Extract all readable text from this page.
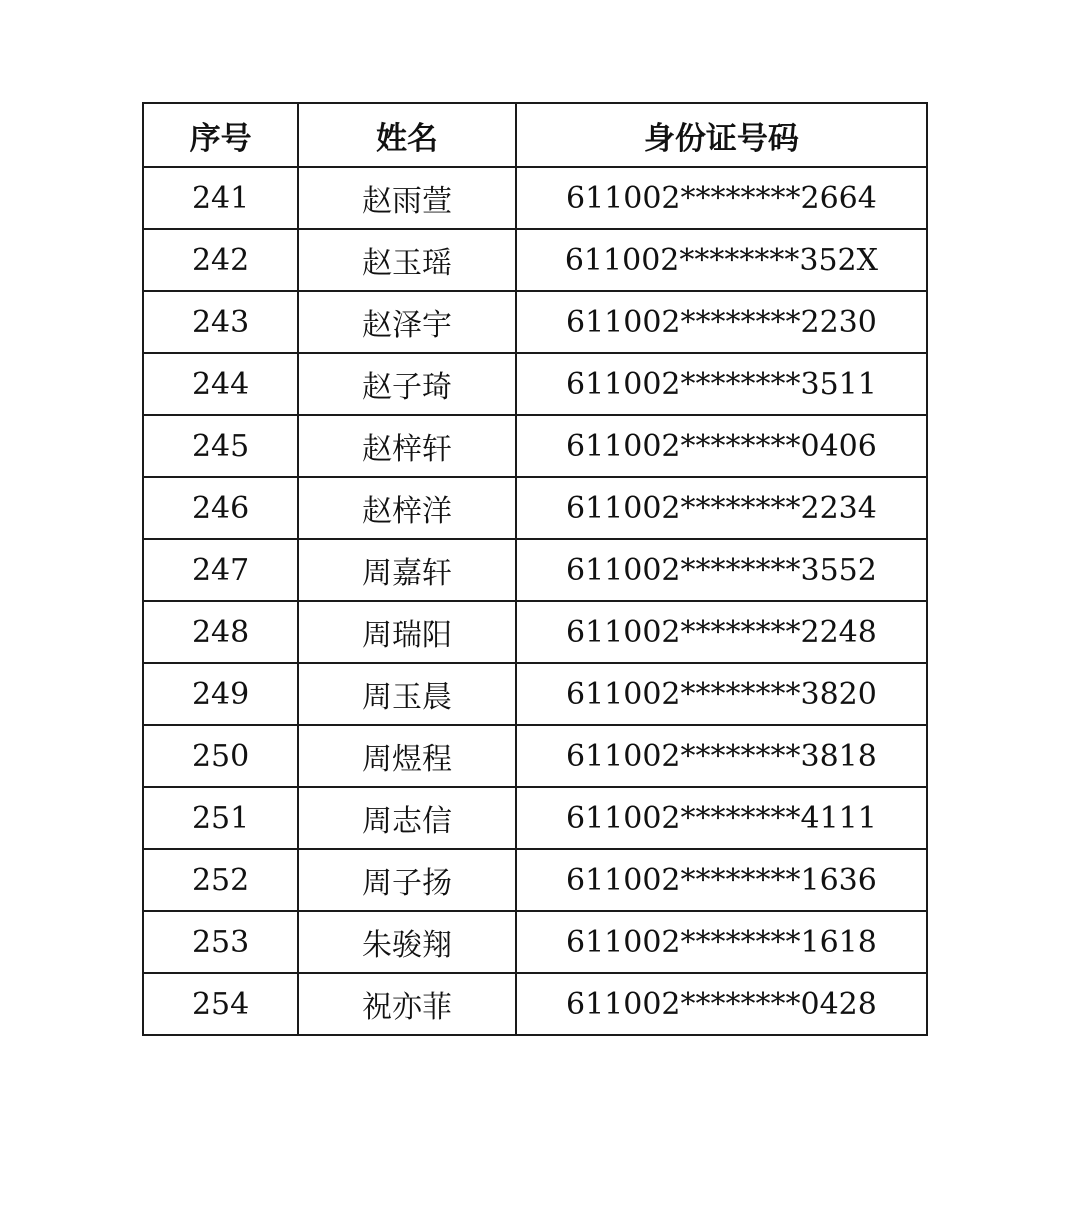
序号	姓名	身份证号码
241	赵雨萱	611002********2664
242	赵玉瑶	611002********352X
243	赵泽宇	611002********2230
244	赵子琦	611002********3511
245	赵梓轩	611002********0406
246	赵梓洋	611002********2234
247	周嘉轩	611002********3552
248	周瑞阳	611002********2248
249	周玉晨	611002********3820
250	周煜程	611002********3818
251	周志信	611002********4111
252	周子扬	611002********1636
253	朱骏翔	611002********1618
254	祝亦菲	611002********0428
